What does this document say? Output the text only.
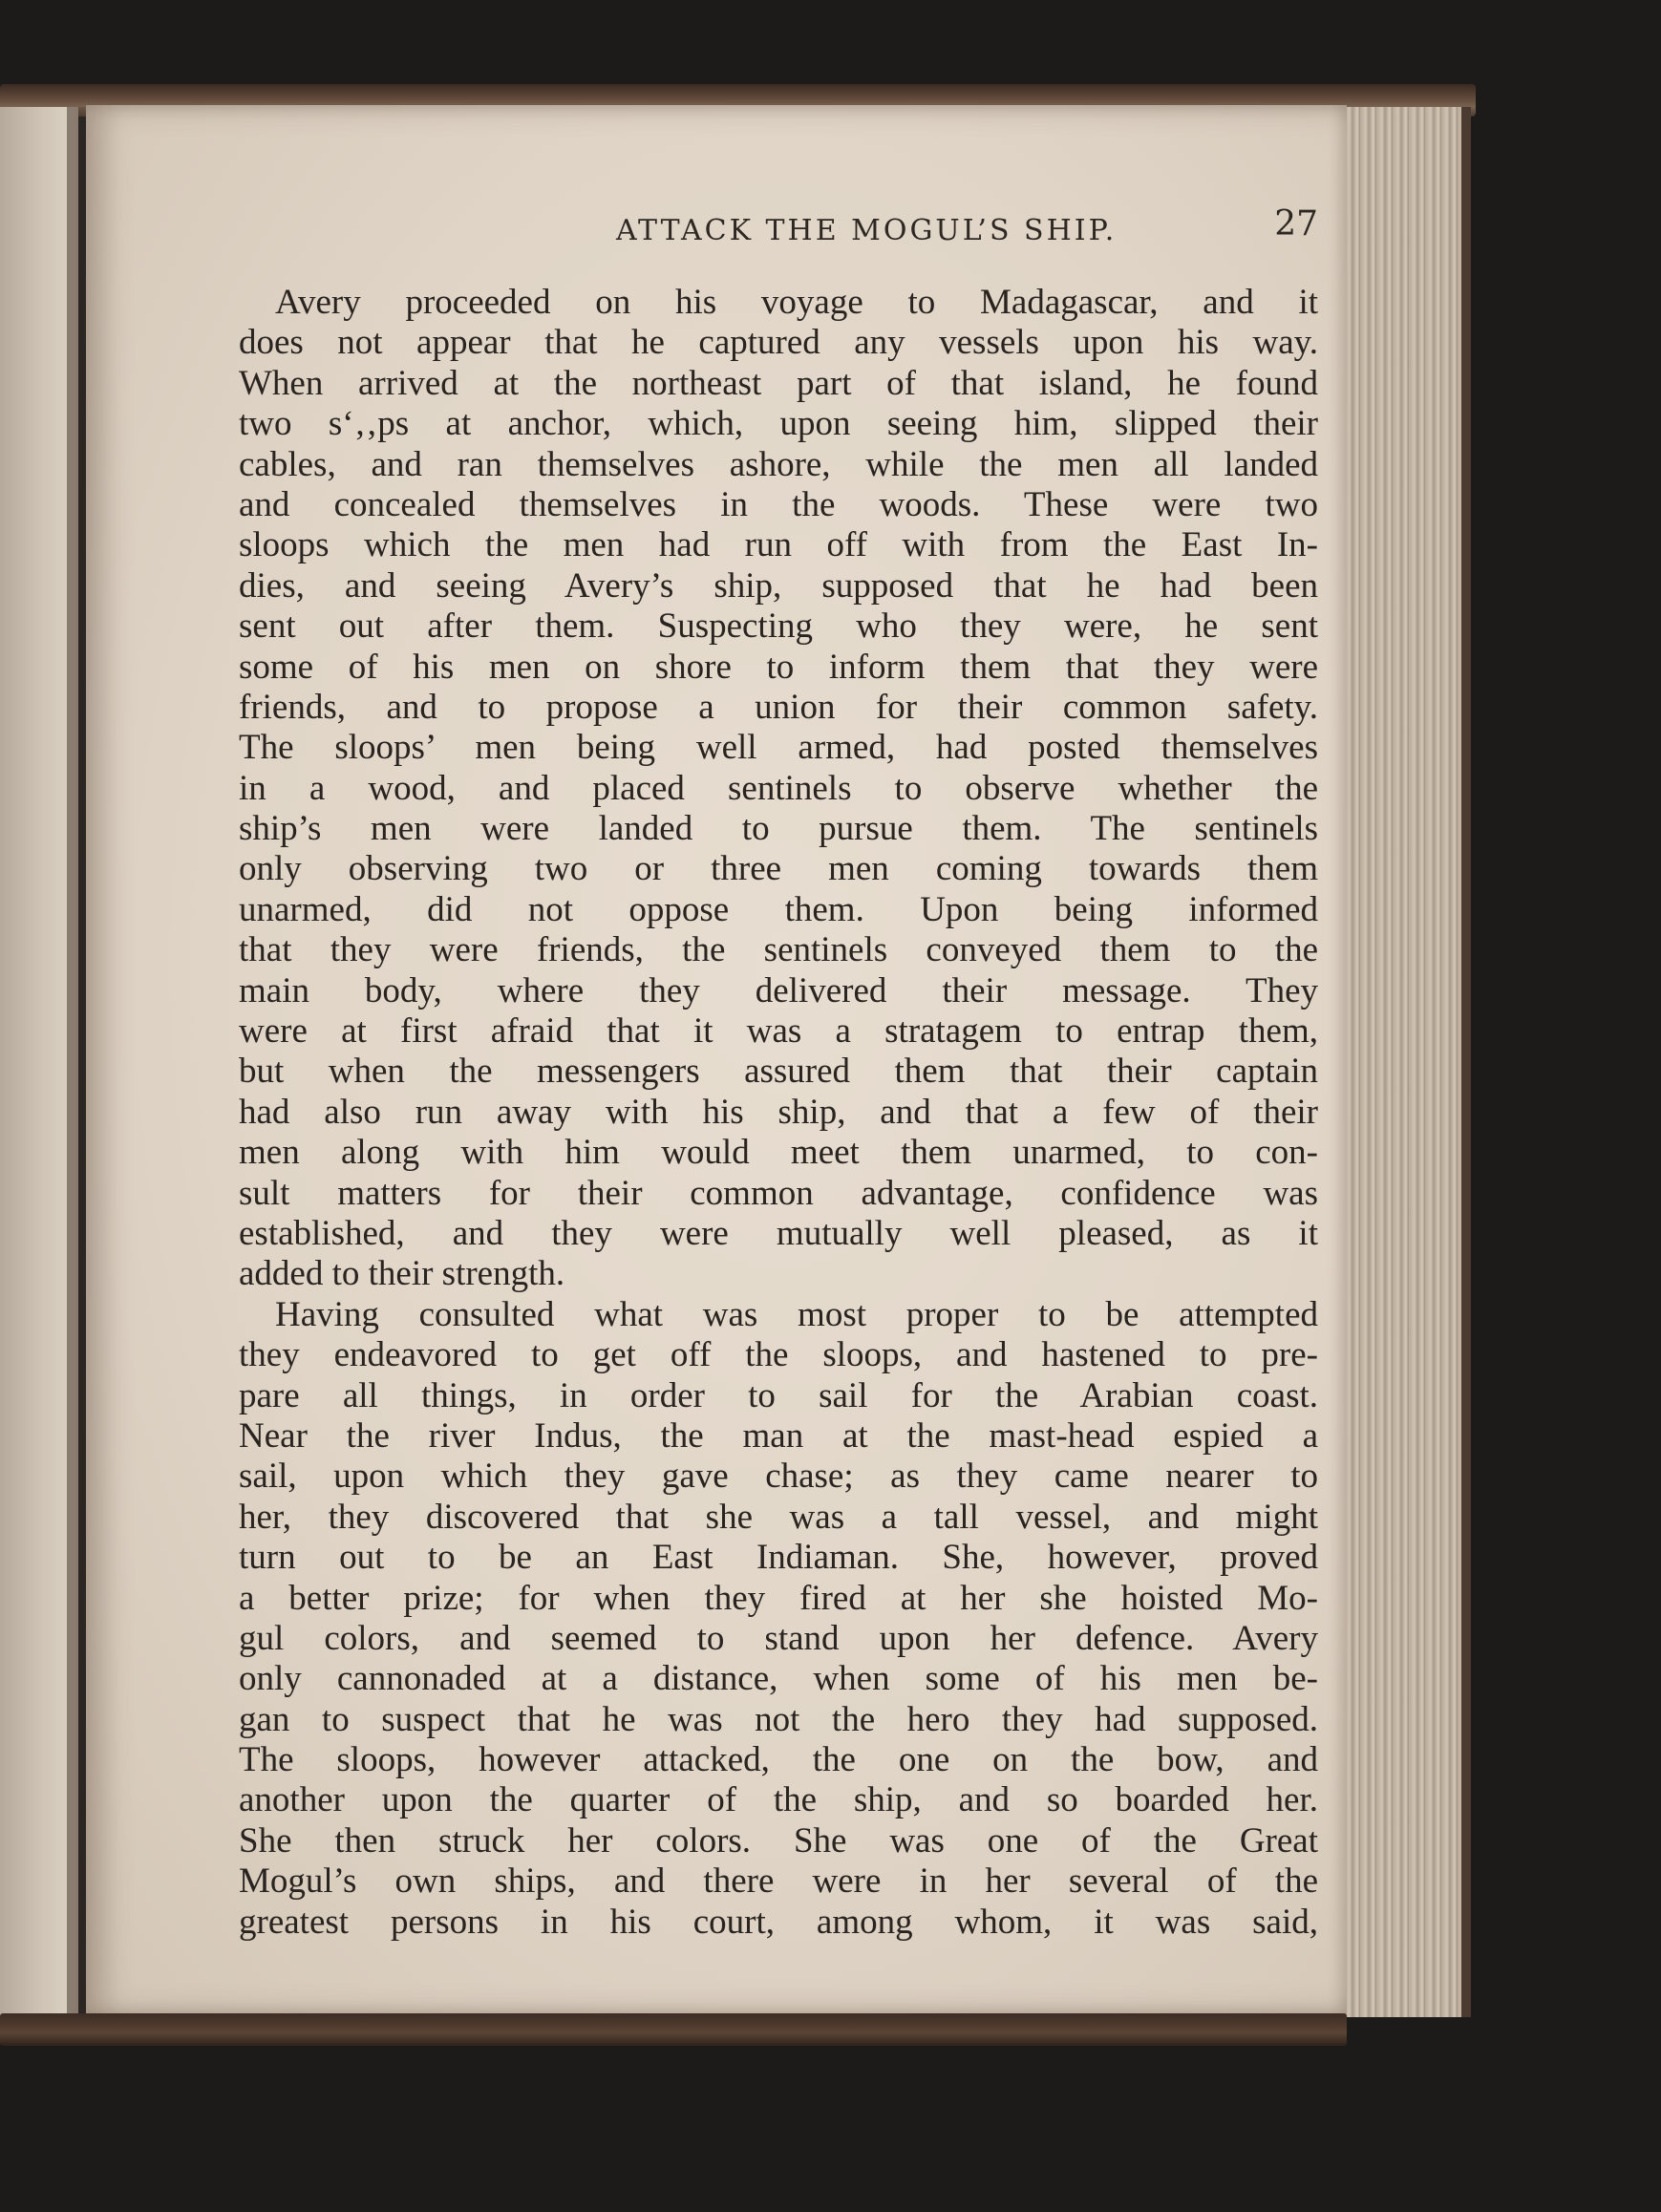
ATTACK THE MOGUL’S SHIP.	27
Avery proceeded on his voyage to Madagascar, and it
does not appear that he captured any vessels upon his way.
When arrived at the northeast part of that island, he found
two s‘‚‚ps at anchor, which, upon seeing him, slipped their
cables, and ran themselves ashore, while the men all landed
and concealed themselves in the woods. These were two
sloops which the men had run off with from the East In-
dies, and seeing Avery’s ship, supposed that he had been
sent out after them. Suspecting who they were, he sent
some of his men on shore to inform them that they were
friends, and to propose a union for their common safety.
The sloops’ men being well armed, had posted themselves
in a wood, and placed sentinels to observe whether the
ship’s men were landed to pursue them. The sentinels
only observing two or three men coming towards them
unarmed, did not oppose them. Upon being informed
that they were friends, the sentinels conveyed them to the
main body, where they delivered their message. They
were at first afraid that it was a stratagem to entrap them,
but when the messengers assured them that their captain
had also run away with his ship, and that a few of their
men along with him would meet them unarmed, to con-
sult matters for their common advantage, confidence was
established, and they were mutually well pleased, as it
added to their strength.
Having consulted what was most proper to be attempted
they endeavored to get off the sloops, and hastened to pre-
pare all things, in order to sail for the Arabian coast.
Near the river Indus, the man at the mast-head espied a
sail, upon which they gave chase; as they came nearer to
her, they discovered that she was a tall vessel, and might
turn out to be an East Indiaman. She, however, proved
a better prize; for when they fired at her she hoisted Mo-
gul colors, and seemed to stand upon her defence. Avery
only cannonaded at a distance, when some of his men be-
gan to suspect that he was not the hero they had supposed.
The sloops, however attacked, the one on the bow, and
another upon the quarter of the ship, and so boarded her.
She then struck her colors. She was one of the Great
Mogul’s own ships, and there were in her several of the
greatest persons in his court, among whom, it was said,
